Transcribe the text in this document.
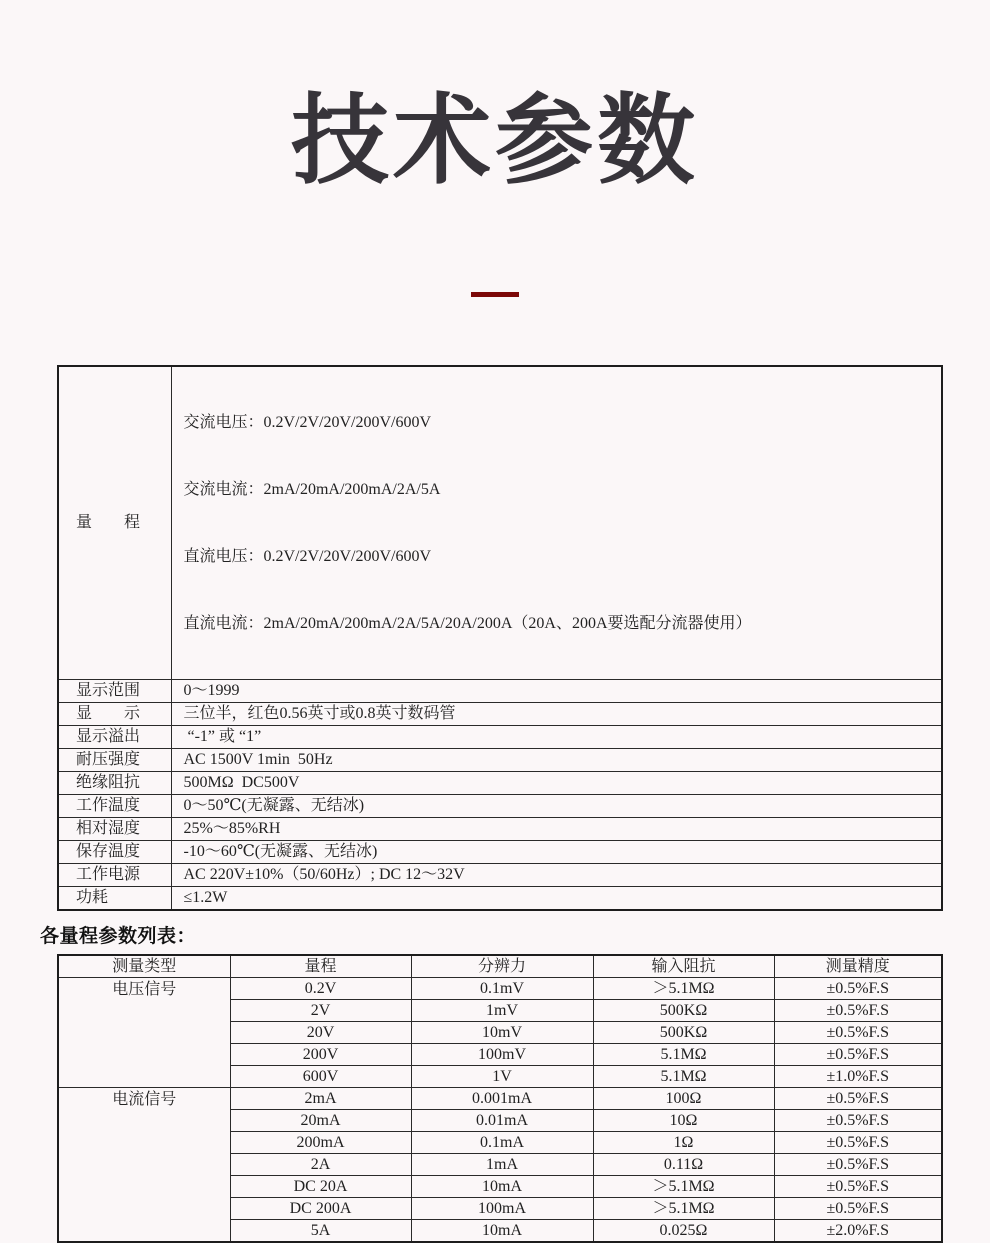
技术参数
量　　程	交流电压：0.2V/2V/20V/200V/600V

交流电流：2mA/20mA/200mA/2A/5A

直流电压：0.2V/2V/20V/200V/600V

直流电流：2mA/20mA/200mA/2A/5A/20A/200A（20A、200A要选配分流器使用）

显示范围	0～1999
显　　示	三位半，红色0.56英寸或0.8英寸数码管
显示溢出	“-1” 或 “1”
耐压强度	AC 1500V 1min  50Hz
绝缘阻抗	500MΩ  DC500V
工作温度	0～50℃(无凝露、无结冰)
相对湿度	25%～85%RH
保存温度	-10～60℃(无凝露、无结冰)
工作电源	AC 220V±10%（50/60Hz）; DC 12～32V
功耗	≤1.2W
各量程参数列表：
测量类型	量程	分辨力	输入阻抗	测量精度
电压信号	0.2V	0.1mV	＞5.1MΩ	±0.5%F.S
	2V	1mV	500KΩ	±0.5%F.S
	20V	10mV	500KΩ	±0.5%F.S
	200V	100mV	5.1MΩ	±0.5%F.S
	600V	1V	5.1MΩ	±1.0%F.S
电流信号	2mA	0.001mA	100Ω	±0.5%F.S
	20mA	0.01mA	10Ω	±0.5%F.S
	200mA	0.1mA	1Ω	±0.5%F.S
	2A	1mA	0.11Ω	±0.5%F.S
	DC 20A	10mA	＞5.1MΩ	±0.5%F.S
	DC 200A	100mA	＞5.1MΩ	±0.5%F.S
	5A	10mA	0.025Ω	±2.0%F.S
